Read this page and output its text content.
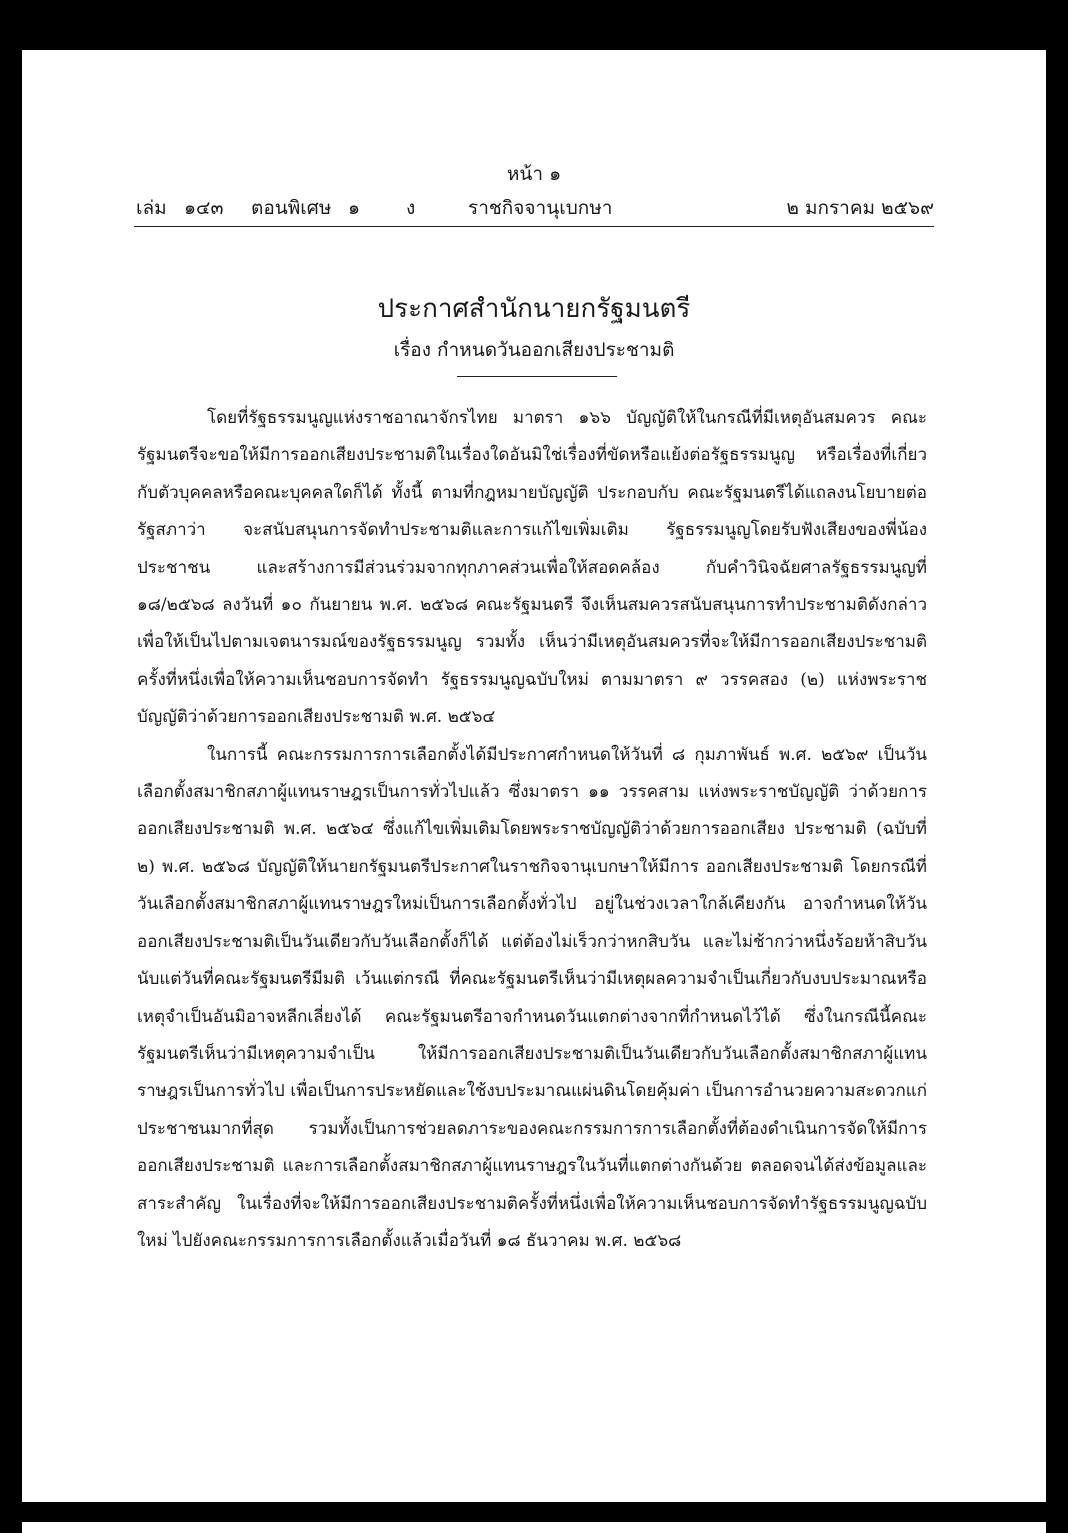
หน้า ๑
เล่ม ๑๔๓ ตอนพิเศษ ๑ ง	ราชกิจจานุเบกษา	๒ มกราคม ๒๕๖๙
ประกาศสำนักนายกรัฐมนตรี
เรื่อง กำหนดวันออกเสียงประชามติ

โดยที่รัฐธรรมนูญแห่งราชอาณาจักรไทย มาตรา ๑๖๖ บัญญัติให้ในกรณีที่มีเหตุอันสมควร คณะรัฐมนตรีจะขอให้มีการออกเสียงประชามติในเรื่องใดอันมิใช่เรื่องที่ขัดหรือแย้งต่อรัฐธรรมนูญ หรือเรื่องที่เกี่ยวกับตัวบุคคลหรือคณะบุคคลใดก็ได้ ทั้งนี้ ตามที่กฎหมายบัญญัติ ประกอบกับ คณะรัฐมนตรีได้แถลงนโยบายต่อรัฐสภาว่า จะสนับสนุนการจัดทำประชามติและการแก้ไขเพิ่มเติม รัฐธรรมนูญโดยรับฟังเสียงของพี่น้องประชาชน และสร้างการมีส่วนร่วมจากทุกภาคส่วนเพื่อให้สอดคล้อง กับคำวินิจฉัยศาลรัฐธรรมนูญที่ ๑๘/๒๕๖๘ ลงวันที่ ๑๐ กันยายน พ.ศ. ๒๕๖๘ คณะรัฐมนตรี จึงเห็นสมควรสนับสนุนการทำประชามติดังกล่าวเพื่อให้เป็นไปตามเจตนารมณ์ของรัฐธรรมนูญ รวมทั้ง เห็นว่ามีเหตุอันสมควรที่จะให้มีการออกเสียงประชามติครั้งที่หนึ่งเพื่อให้ความเห็นชอบการจัดทำ รัฐธรรมนูญฉบับใหม่ ตามมาตรา ๙ วรรคสอง (๒) แห่งพระราชบัญญัติว่าด้วยการออกเสียงประชามติ พ.ศ. ๒๕๖๔

ในการนี้ คณะกรรมการการเลือกตั้งได้มีประกาศกำหนดให้วันที่ ๘ กุมภาพันธ์ พ.ศ. ๒๕๖๙ เป็นวันเลือกตั้งสมาชิกสภาผู้แทนราษฎรเป็นการทั่วไปแล้ว ซึ่งมาตรา ๑๑ วรรคสาม แห่งพระราชบัญญัติ ว่าด้วยการออกเสียงประชามติ พ.ศ. ๒๕๖๔ ซึ่งแก้ไขเพิ่มเติมโดยพระราชบัญญัติว่าด้วยการออกเสียง ประชามติ (ฉบับที่ ๒) พ.ศ. ๒๕๖๘ บัญญัติให้นายกรัฐมนตรีประกาศในราชกิจจานุเบกษาให้มีการ ออกเสียงประชามติ โดยกรณีที่วันเลือกตั้งสมาชิกสภาผู้แทนราษฎรใหม่เป็นการเลือกตั้งทั่วไป อยู่ในช่วงเวลาใกล้เคียงกัน อาจกำหนดให้วันออกเสียงประชามติเป็นวันเดียวกับวันเลือกตั้งก็ได้ แต่ต้องไม่เร็วกว่าหกสิบวัน และไม่ช้ากว่าหนึ่งร้อยห้าสิบวันนับแต่วันที่คณะรัฐมนตรีมีมติ เว้นแต่กรณี ที่คณะรัฐมนตรีเห็นว่ามีเหตุผลความจำเป็นเกี่ยวกับงบประมาณหรือเหตุจำเป็นอันมิอาจหลีกเลี่ยงได้ คณะรัฐมนตรีอาจกำหนดวันแตกต่างจากที่กำหนดไว้ได้ ซึ่งในกรณีนี้คณะรัฐมนตรีเห็นว่ามีเหตุความจำเป็น ให้มีการออกเสียงประชามติเป็นวันเดียวกับวันเลือกตั้งสมาชิกสภาผู้แทนราษฎรเป็นการทั่วไป เพื่อเป็นการประหยัดและใช้งบประมาณแผ่นดินโดยคุ้มค่า เป็นการอำนวยความสะดวกแก่ประชาชนมากที่สุด รวมทั้งเป็นการช่วยลดภาระของคณะกรรมการการเลือกตั้งที่ต้องดำเนินการจัดให้มีการออกเสียงประชามติ และการเลือกตั้งสมาชิกสภาผู้แทนราษฎรในวันที่แตกต่างกันด้วย ตลอดจนได้ส่งข้อมูลและสาระสำคัญ ในเรื่องที่จะให้มีการออกเสียงประชามติครั้งที่หนึ่งเพื่อให้ความเห็นชอบการจัดทำรัฐธรรมนูญฉบับใหม่ ไปยังคณะกรรมการการเลือกตั้งแล้วเมื่อวันที่ ๑๘ ธันวาคม พ.ศ. ๒๕๖๘
